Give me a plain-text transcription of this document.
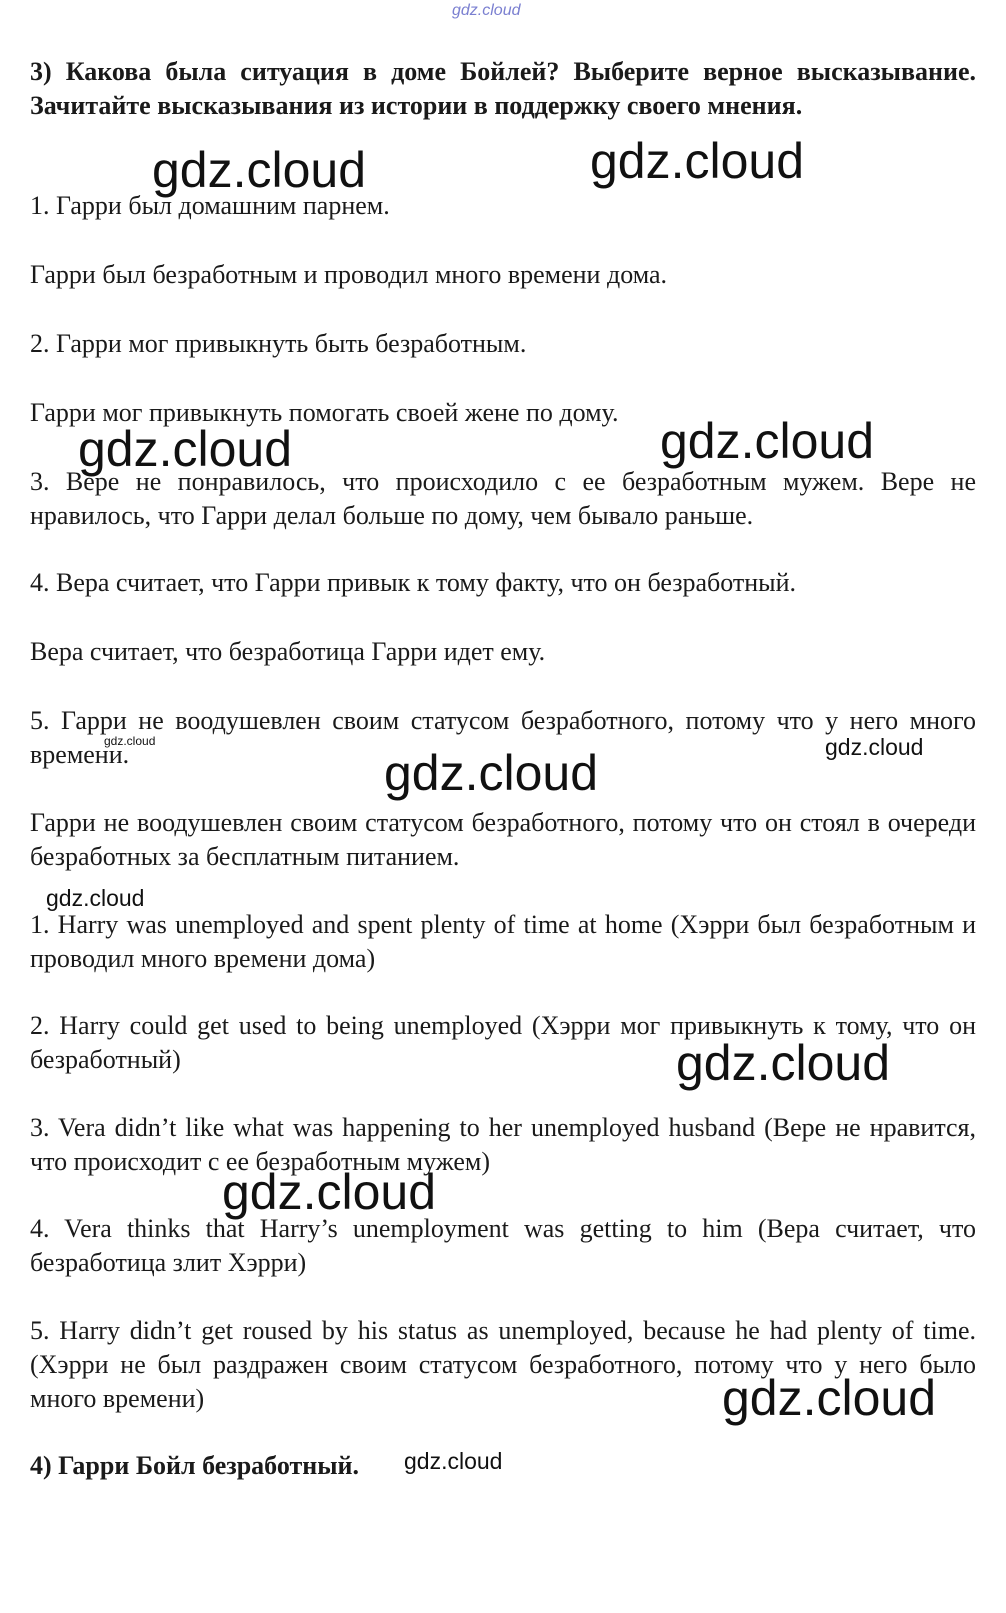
gdz.cloud

3) Какова была ситуация в доме Бойлей? Выберите верное высказывание. Зачитайте высказывания из истории в поддержку своего мнения.

1. Гарри был домашним парнем.

Гарри был безработным и проводил много времени дома.

2. Гарри мог привыкнуть быть безработным.

Гарри мог привыкнуть помогать своей жене по дому.

3. Вере не понравилось, что происходило с ее безработным мужем. Вере не нравилось, что Гарри делал больше по дому, чем бывало раньше.

4. Вера считает, что Гарри привык к тому факту, что он безработный.

Вера считает, что безработица Гарри идет ему.

5. Гарри не воодушевлен своим статусом безработного, потому что у него много времени.

Гарри не воодушевлен своим статусом безработного, потому что он стоял в очереди безработных за бесплатным питанием.

1. Harry was unemployed and spent plenty of time at home (Хэрри был безработным и проводил много времени дома)

2. Harry could get used to being unemployed (Хэрри мог привыкнуть к тому, что он безработный)

3. Vera didn’t like what was happening to her unemployed husband (Вере не нравится, что происходит с ее безработным мужем)

4. Vera thinks that Harry’s unemployment was getting to him (Вера считает, что безработица злит Хэрри)

5. Harry didn’t get roused by his status as unemployed, because he had plenty of time. (Хэрри не был раздражен своим статусом безработного, потому что у него было много времени)

4) Гарри Бойл безработный.

gdz.cloud	gdz.cloud
gdz.cloud	gdz.cloud
gdz.cloud	gdz.cloud
gdz.cloud
gdz.cloud
gdz.cloud
gdz.cloud
gdz.cloud
gdz.cloud
